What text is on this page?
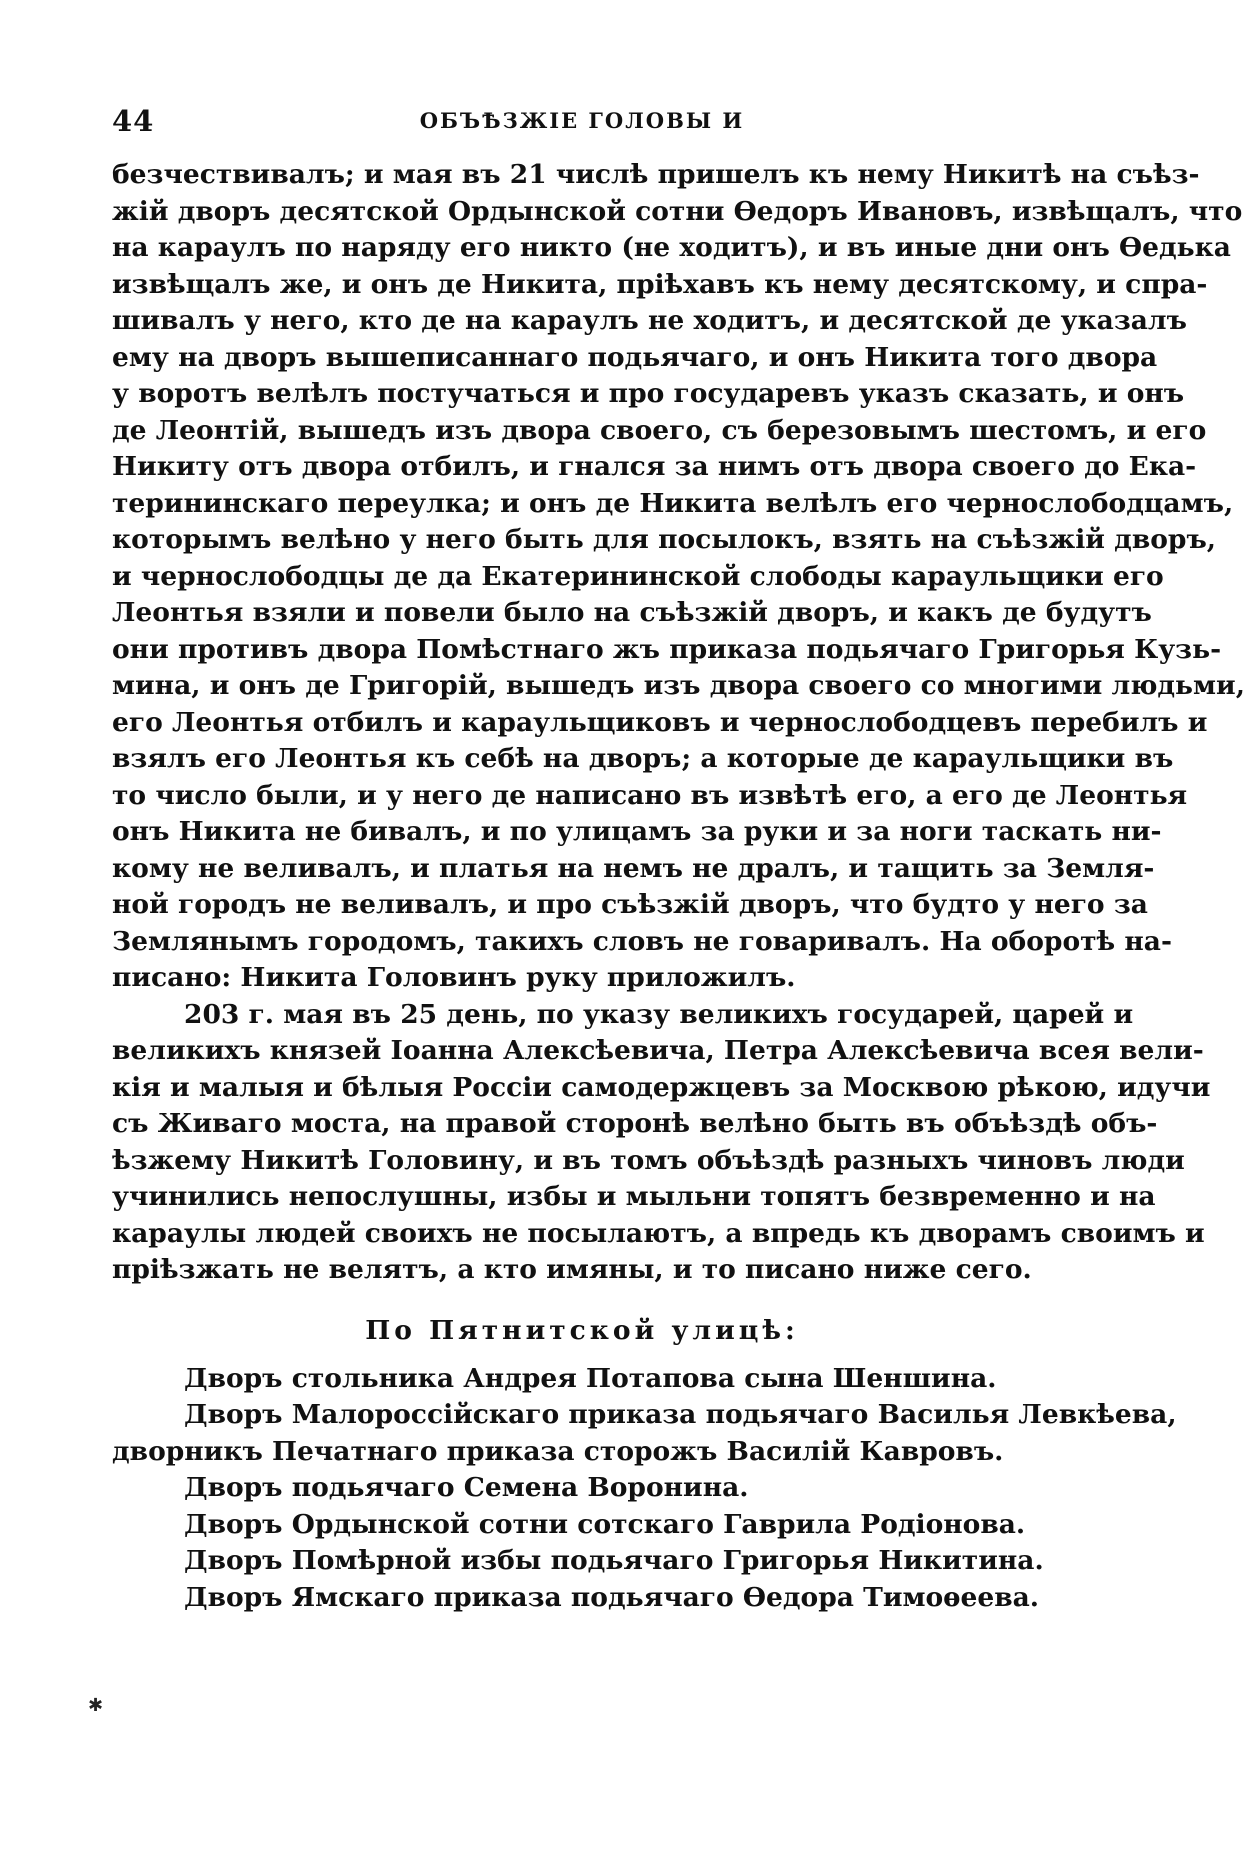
44	ОБЪѢЗЖІЕ ГОЛОВЫ И
безчествивалъ; и мая въ 21 числѣ пришелъ къ нему Никитѣ на съѣз-
жій дворъ десятской Ордынской сотни Ѳедоръ Ивановъ, извѣщалъ, что
на караулъ по наряду его никто (не ходитъ), и въ иные дни онъ Ѳедька
извѣщалъ же, и онъ де Никита, пріѣхавъ къ нему десятскому, и спра-
шивалъ у него, кто де на караулъ не ходитъ, и десятской де указалъ
ему на дворъ вышеписаннаго подьячаго, и онъ Никита того двора
у воротъ велѣлъ постучаться и про государевъ указъ сказать, и онъ
де Леонтій, вышедъ изъ двора своего, съ березовымъ шестомъ, и его
Никиту отъ двора отбилъ, и гнался за нимъ отъ двора своего до Ека-
терининскаго переулка; и онъ де Никита велѣлъ его чернослободцамъ,
которымъ велѣно у него быть для посылокъ, взять на съѣзжій дворъ,
и чернослободцы де да Екатерининской слободы караульщики его
Леонтья взяли и повели было на съѣзжій дворъ, и какъ де будутъ
они противъ двора Помѣстнаго жъ приказа подьячаго Григорья Кузь-
мина, и онъ де Григорій, вышедъ изъ двора своего со многими людьми,
его Леонтья отбилъ и караульщиковъ и чернослободцевъ перебилъ и
взялъ его Леонтья къ себѣ на дворъ; а которые де караульщики въ
то число были, и у него де написано въ извѣтѣ его, а его де Леонтья
онъ Никита не бивалъ, и по улицамъ за руки и за ноги таскать ни-
кому не веливалъ, и платья на немъ не дралъ, и тащить за Земля-
ной городъ не веливалъ, и про съѣзжій дворъ, что будто у него за
Землянымъ городомъ, такихъ словъ не говаривалъ. На оборотѣ на-
писано: Никита Головинъ руку приложилъ.
203 г. мая въ 25 день, по указу великихъ государей, царей и
великихъ князей Іоанна Алексѣевича, Петра Алексѣевича всея вели-
кія и малыя и бѣлыя Россіи самодержцевъ за Москвою рѣкою, идучи
съ Живаго моста, на правой сторонѣ велѣно быть въ объѣздѣ объ-
ѣзжему Никитѣ Головину, и въ томъ объѣздѣ разныхъ чиновъ люди
учинились непослушны, избы и мыльни топятъ безвременно и на
караулы людей своихъ не посылаютъ, а впредь къ дворамъ своимъ и
пріѣзжать не велятъ, а кто имяны, и то писано ниже сего.
По Пятнитской улицѣ:
Дворъ стольника Андрея Потапова сына Шеншина.
Дворъ Малороссійскаго приказа подьячаго Василья Левкѣева,
дворникъ Печатнаго приказа сторожъ Василій Кавровъ.
Дворъ подьячаго Семена Воронина.
Дворъ Ордынской сотни сотскаго Гаврила Родіонова.
Дворъ Помѣрной избы подьячаго Григорья Никитина.
Дворъ Ямскаго приказа подьячаго Ѳедора Тимоѳеева.
✱
